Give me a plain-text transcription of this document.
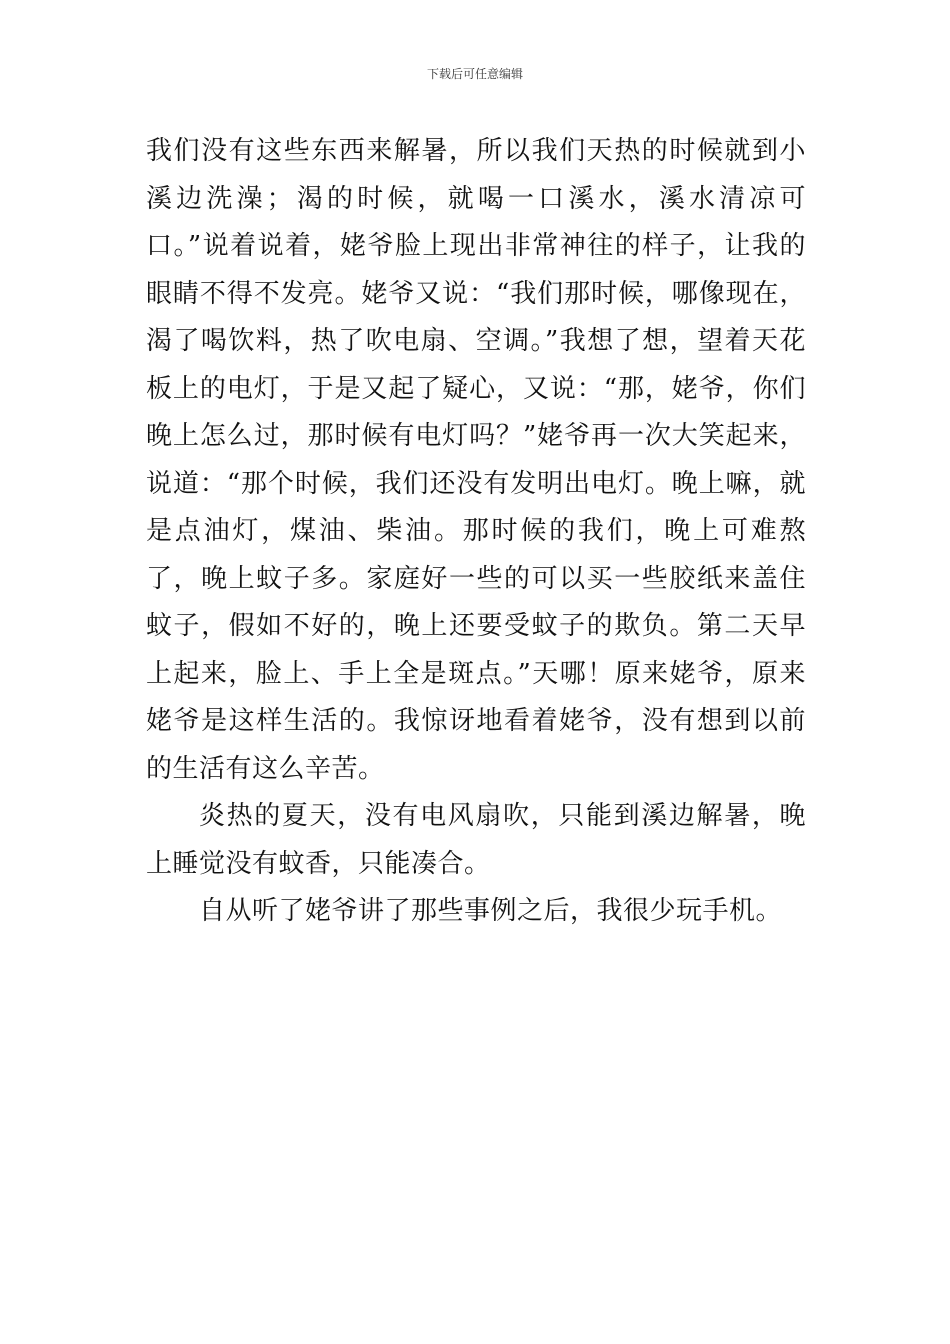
下载后可任意编辑

我们没有这些东西来解暑，所以我们天热的时候就到小溪边洗澡；渴的时候，就喝一口溪水，溪水清凉可口。”说着说着，姥爷脸上现出非常神往的样子，让我的眼睛不得不发亮。姥爷又说：“我们那时候，哪像现在，渴了喝饮料，热了吹电扇、空调。”我想了想，望着天花板上的电灯，于是又起了疑心，又说：“那，姥爷，你们晚上怎么过，那时候有电灯吗？”姥爷再一次大笑起来，说道：“那个时候，我们还没有发明出电灯。晚上嘛，就是点油灯，煤油、柴油。那时候的我们，晚上可难熬了，晚上蚊子多。家庭好一些的可以买一些胶纸来盖住蚊子，假如不好的，晚上还要受蚊子的欺负。第二天早上起来，脸上、手上全是斑点。”天哪！原来姥爷，原来姥爷是这样生活的。我惊讶地看着姥爷，没有想到以前的生活有这么辛苦。

炎热的夏天，没有电风扇吹，只能到溪边解暑，晚上睡觉没有蚊香，只能凑合。

自从听了姥爷讲了那些事例之后，我很少玩手机。
